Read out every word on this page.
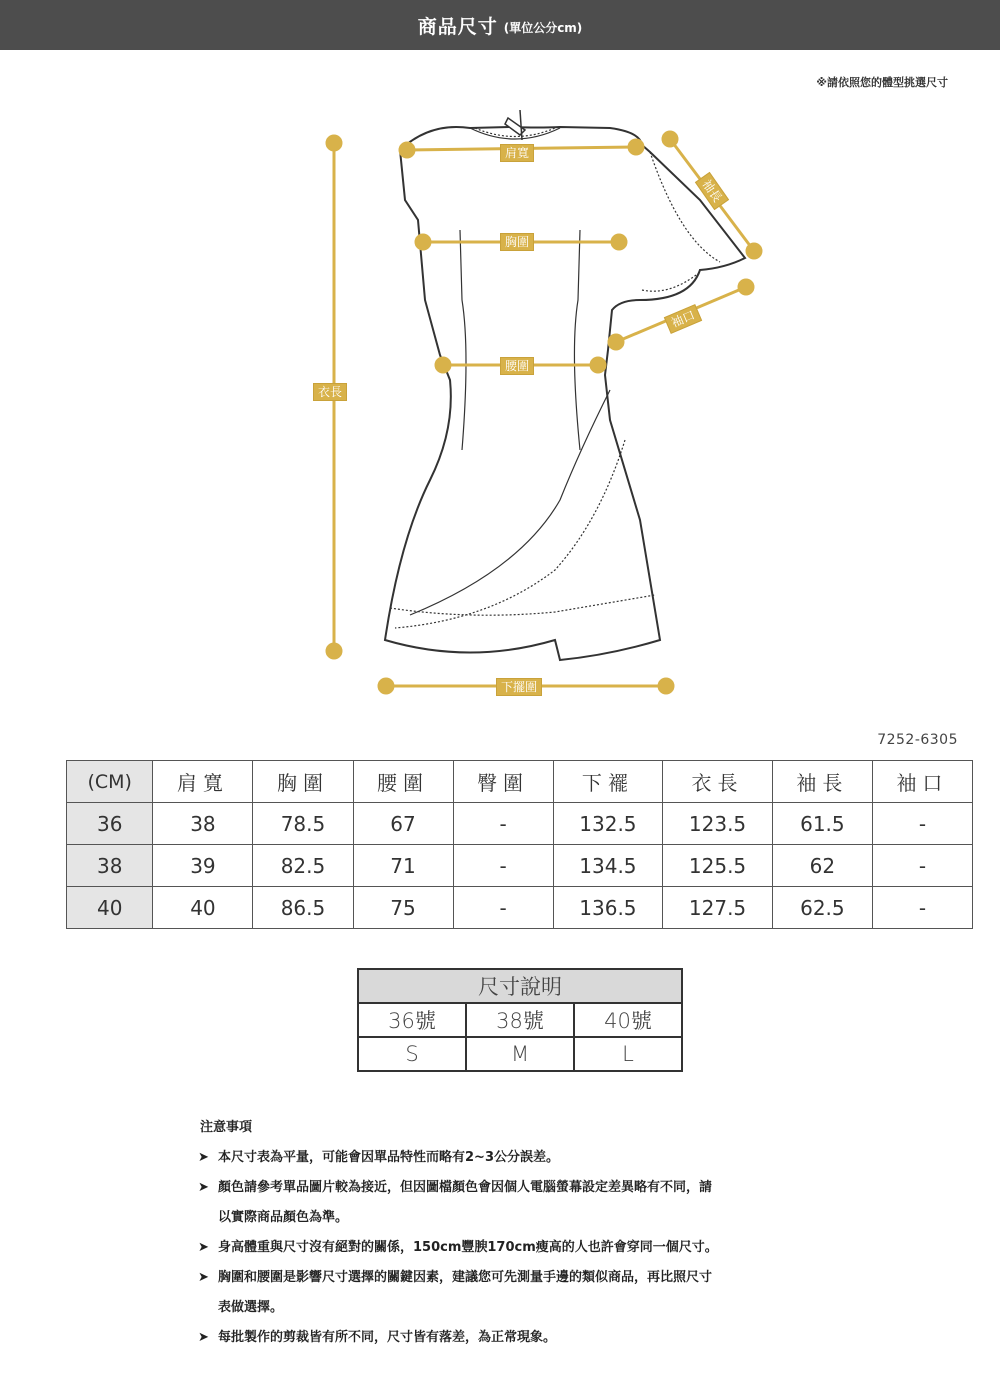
商品尺寸 (單位公分cm)
※請依照您的體型挑選尺寸
肩寬
胸圍
腰圍
衣長
下擺圍
袖長
袖口
7252-6305
(CM)	肩寬	胸圍	腰圍	臀圍	下襬	衣長	袖長	袖口
36	38	78.5	67	-	132.5	123.5	61.5	-
38	39	82.5	71	-	134.5	125.5	62	-
40	40	86.5	75	-	136.5	127.5	62.5	-
尺寸說明		
36號	38號	40號
S	M	L
注意事項
➤ 本尺寸表為平量，可能會因單品特性而略有2~3公分誤差。
➤ 顏色請參考單品圖片較為接近，但因圖檔顏色會因個人電腦螢幕設定差異略有不同，請
以實際商品顏色為準。
➤ 身高體重與尺寸沒有絕對的關係，150cm豐腴170cm瘦高的人也許會穿同一個尺寸。
➤ 胸圍和腰圍是影響尺寸選擇的關鍵因素，建議您可先測量手邊的類似商品，再比照尺寸
表做選擇。
➤ 每批製作的剪裁皆有所不同，尺寸皆有落差，為正常現象。
